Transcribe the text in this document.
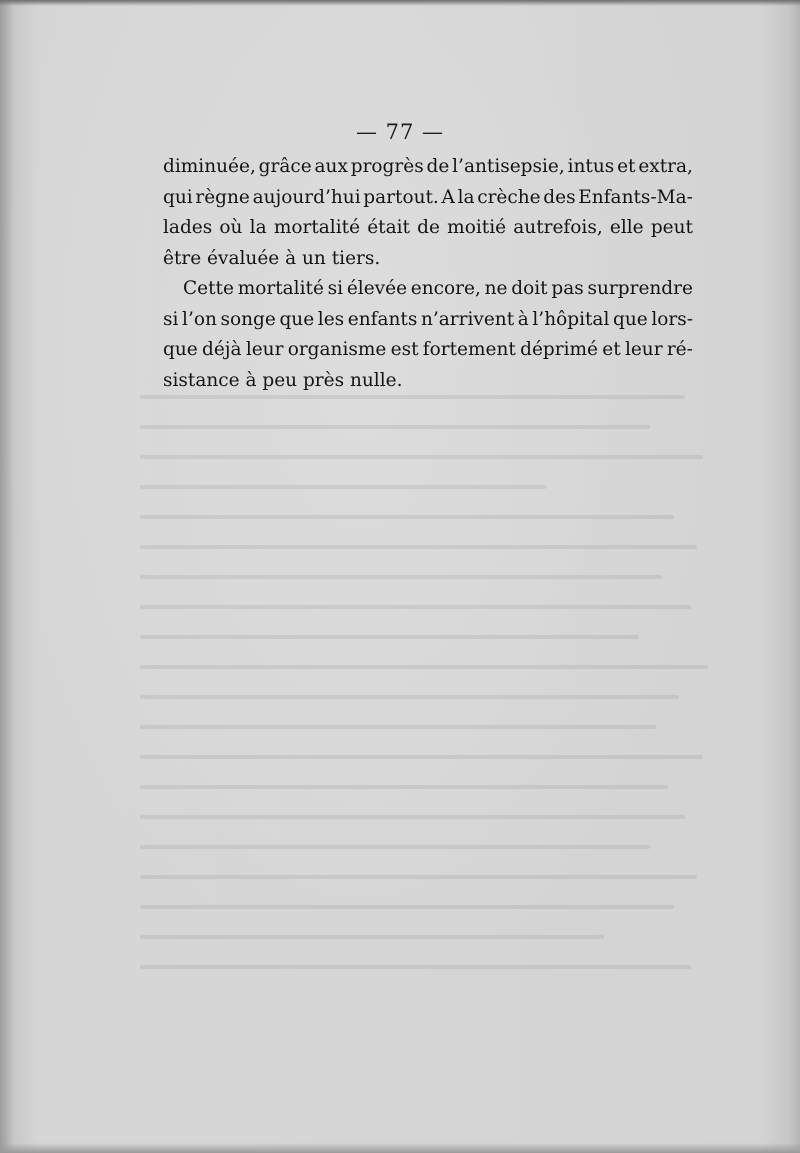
— 77 —
diminuée, grâce aux progrès de l’antisepsie, intus et extra,
qui règne aujourd’hui partout. A la crèche des Enfants-Ma-
lades où la mortalité était de moitié autrefois, elle peut
être évaluée à un tiers.
Cette mortalité si élevée encore, ne doit pas surprendre
si l’on songe que les enfants n’arrivent à l’hôpital que lors-
que déjà leur organisme est fortement déprimé et leur ré-
sistance à peu près nulle.
